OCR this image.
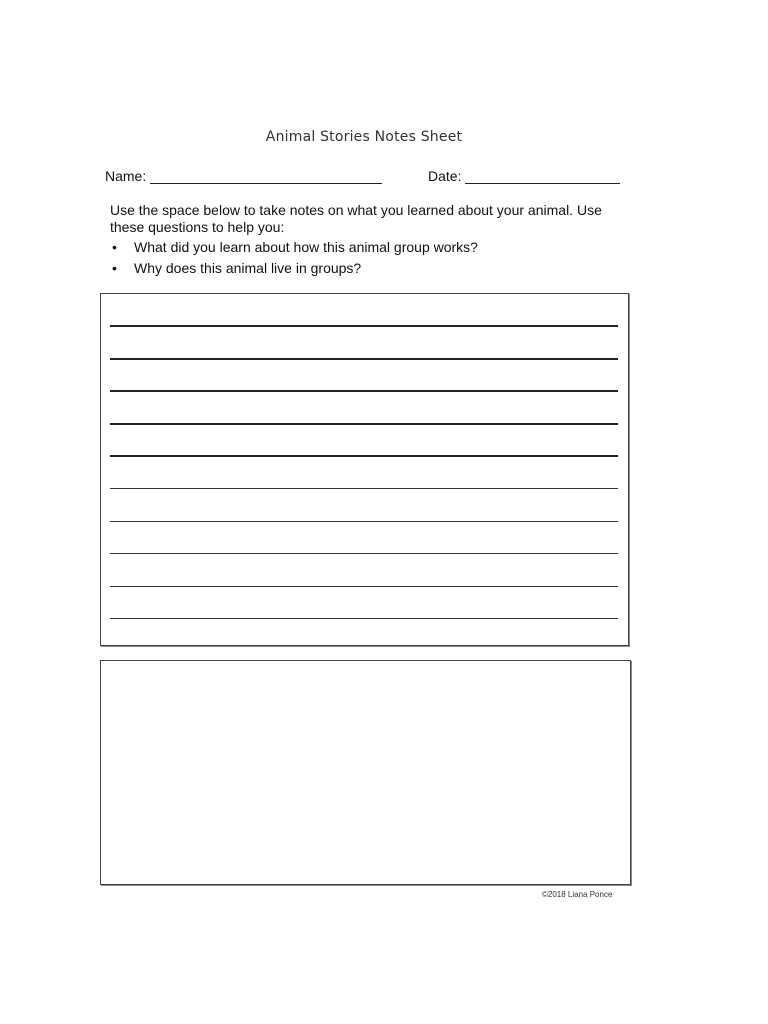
Animal Stories Notes Sheet
Name:	Date:

Use the space below to take notes on what you learned about your animal. Use these questions to help you:

• What did you learn about how this animal group works?
• Why does this animal live in groups?
©2018 Liana Ponce
